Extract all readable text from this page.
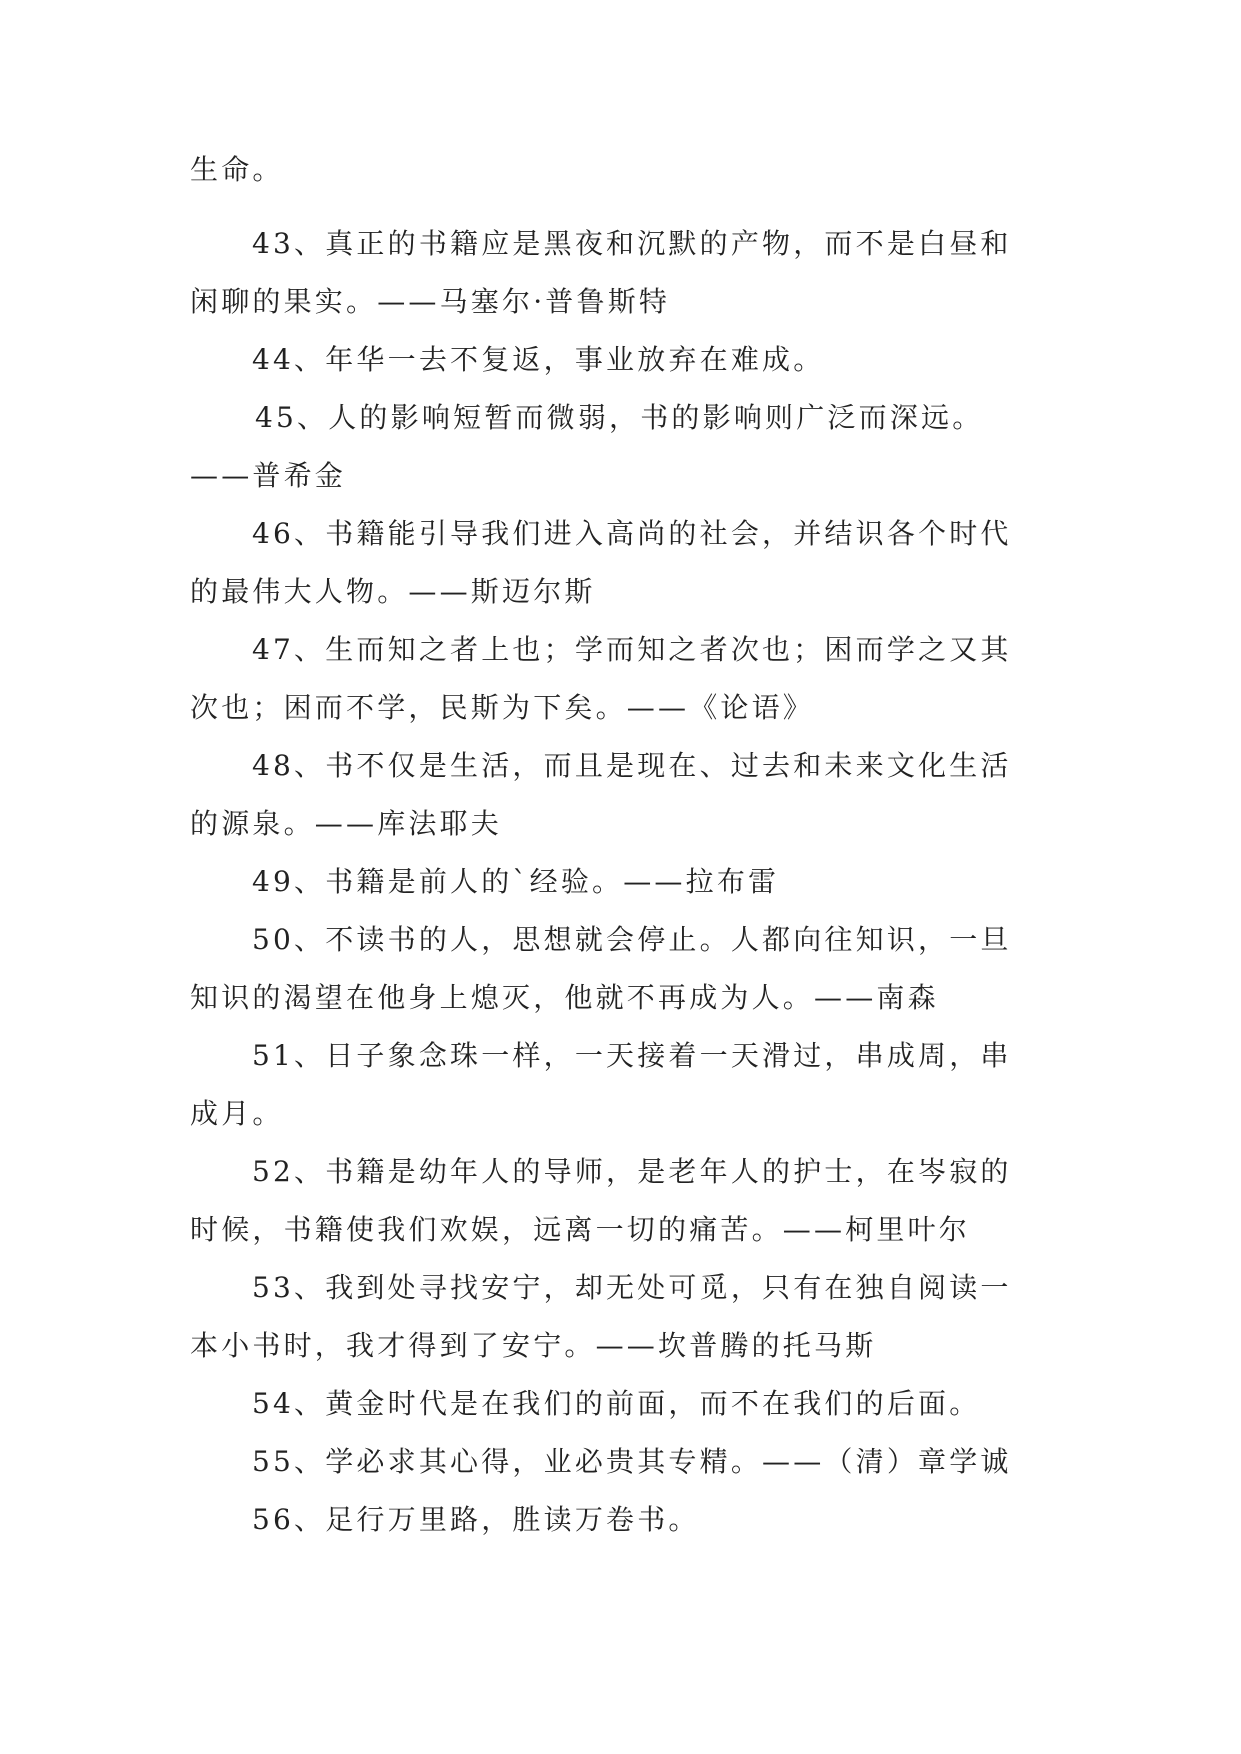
生命。
43、真正的书籍应是黑夜和沉默的产物，而不是白昼和
闲聊的果实。——马塞尔·普鲁斯特
44、年华一去不复返，事业放弃在难成。
45、人的影响短暂而微弱，书的影响则广泛而深远。
——普希金
46、书籍能引导我们进入高尚的社会，并结识各个时代
的最伟大人物。——斯迈尔斯
47、生而知之者上也；学而知之者次也；困而学之又其
次也；困而不学，民斯为下矣。——《论语》
48、书不仅是生活，而且是现在、过去和未来文化生活
的源泉。——库法耶夫
49、书籍是前人的`经验。——拉布雷
50、不读书的人，思想就会停止。人都向往知识，一旦
知识的渴望在他身上熄灭，他就不再成为人。——南森
51、日子象念珠一样，一天接着一天滑过，串成周，串
成月。
52、书籍是幼年人的导师，是老年人的护士，在岑寂的
时候，书籍使我们欢娱，远离一切的痛苦。——柯里叶尔
53、我到处寻找安宁，却无处可觅，只有在独自阅读一
本小书时，我才得到了安宁。——坎普腾的托马斯
54、黄金时代是在我们的前面，而不在我们的后面。
55、学必求其心得，业必贵其专精。——（清）章学诚
56、足行万里路，胜读万卷书。
